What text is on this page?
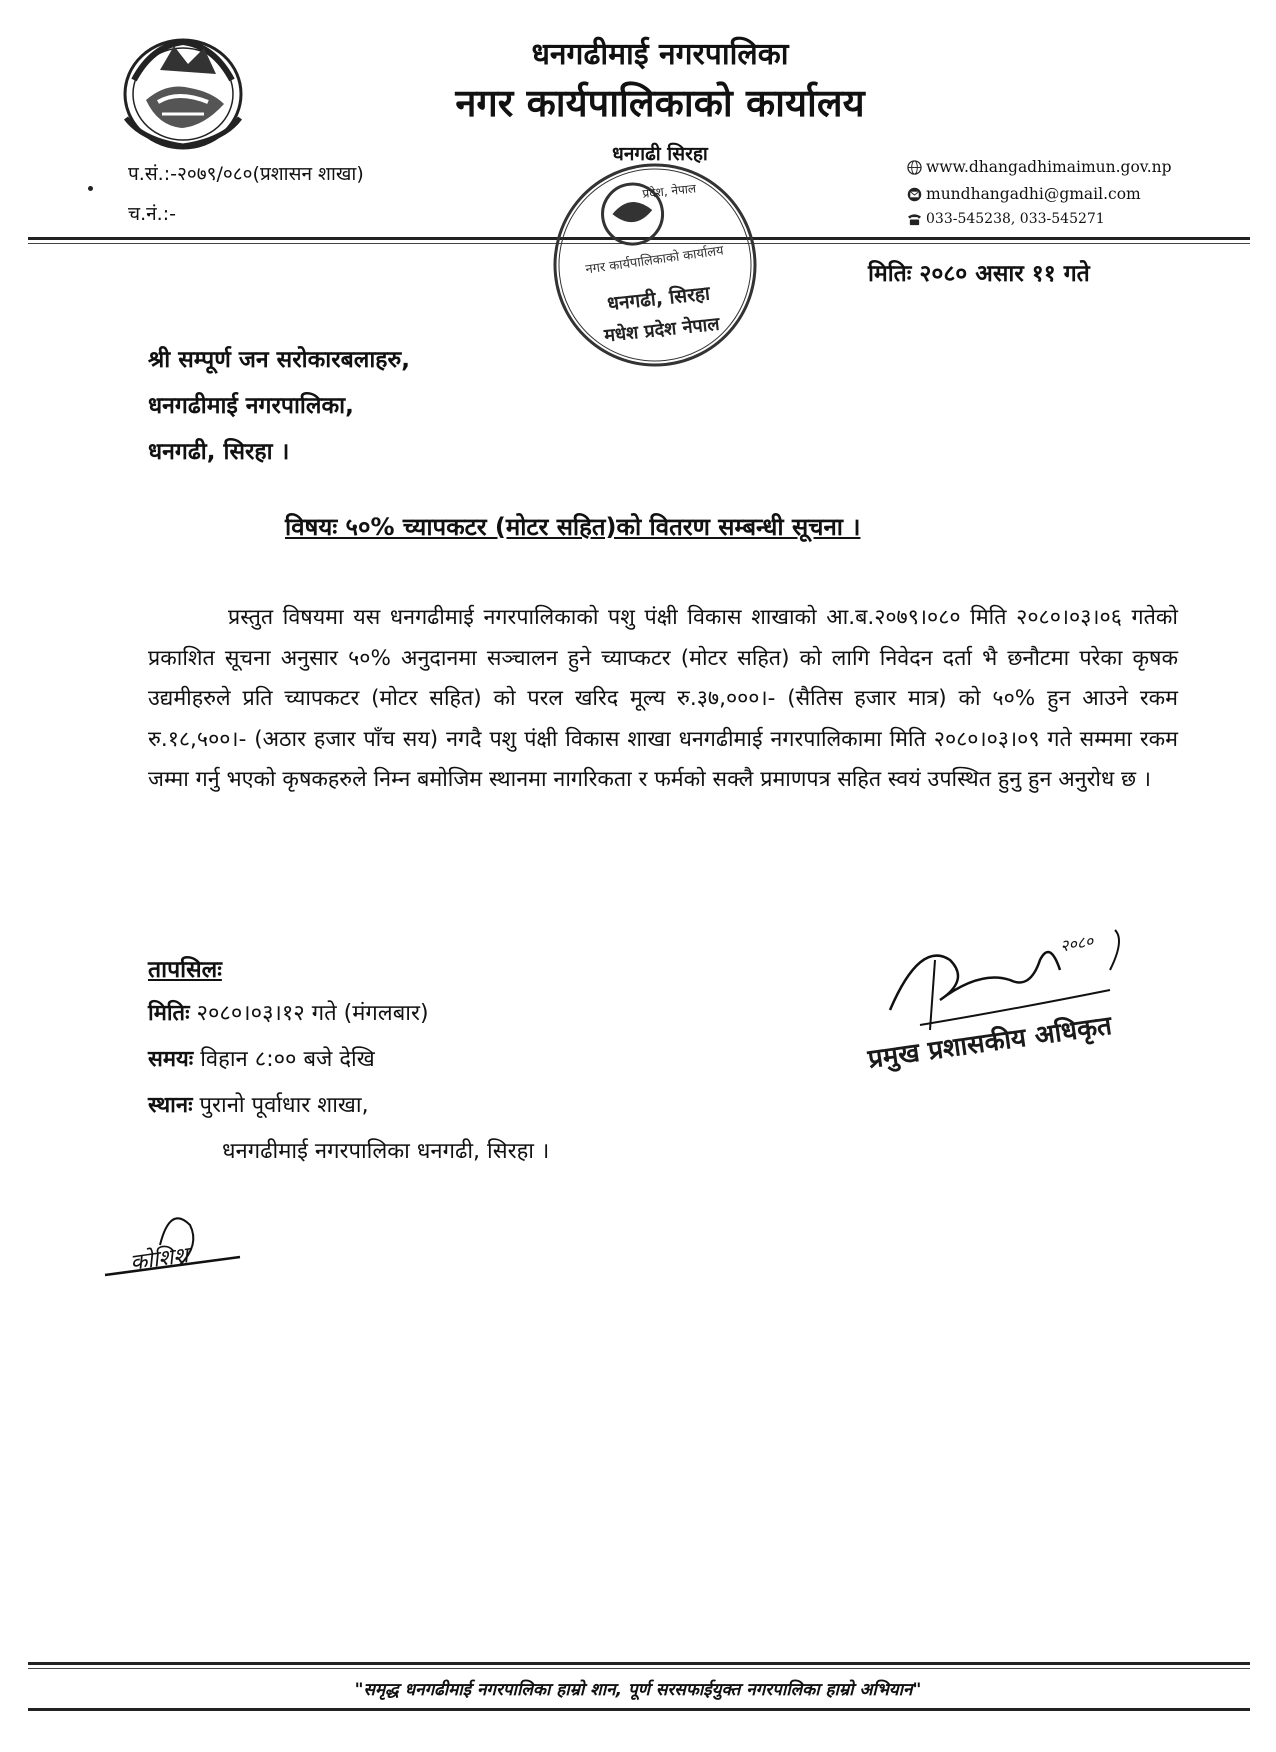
धनगढीमाई नगरपालिका
नगर कार्यपालिकाको कार्यालय
धनगढी सिरहा
प.सं.:-२०७९/०८०(प्रशासन शाखा)
च.नं.:-
www.dhangadhimaimun.gov.np
mundhangadhi@gmail.com
033-545238, 033-545271
प्रदेश, नेपाल
नगर कार्यपालिकाको कार्यालय
धनगढी, सिरहा
मधेश प्रदेश नेपाल
मितिः २०८० असार ११ गते
श्री सम्पूर्ण जन सरोकारबलाहरु,
धनगढीमाई नगरपालिका,
धनगढी, सिरहा ।
विषयः ५०% च्यापकटर (मोटर सहित)को वितरण सम्बन्धी सूचना ।
प्रस्तुत विषयमा यस धनगढीमाई नगरपालिकाको पशु पंक्षी विकास शाखाको आ.ब.२०७९।०८० मिति २०८०।०३।०६ गतेको प्रकाशित सूचना अनुसार ५०% अनुदानमा सञ्चालन हुने च्याप्कटर (मोटर सहित) को लागि निवेदन दर्ता भै छनौटमा परेका कृषक उद्यमीहरुले प्रति च्यापकटर (मोटर सहित) को परल खरिद मूल्य रु.३७,०००।- (सैतिस हजार मात्र) को ५०% हुन आउने रकम रु.१८,५००।- (अठार हजार पाँच सय) नगदै पशु पंक्षी विकास शाखा धनगढीमाई नगरपालिकामा मिति २०८०।०३।०९ गते सम्ममा रकम जम्मा गर्नु भएको कृषकहरुले निम्न बमोजिम स्थानमा नागरिकता र फर्मको सक्लै प्रमाणपत्र सहित स्वयं उपस्थित हुनु हुन अनुरोध छ ।
तापसिलः
मितिः २०८०।०३।१२ गते (मंगलबार)
समयः विहान ८:०० बजे देखि
स्थानः पुरानो पूर्वाधार शाखा,
धनगढीमाई नगरपालिका धनगढी, सिरहा ।
२०८०
प्रमुख प्रशासकीय अधिकृत
कोशिश
"समृद्ध धनगढीमाई नगरपालिका हाम्रो शान, पूर्ण सरसफाईयुक्त नगरपालिका हाम्रो अभियान"
